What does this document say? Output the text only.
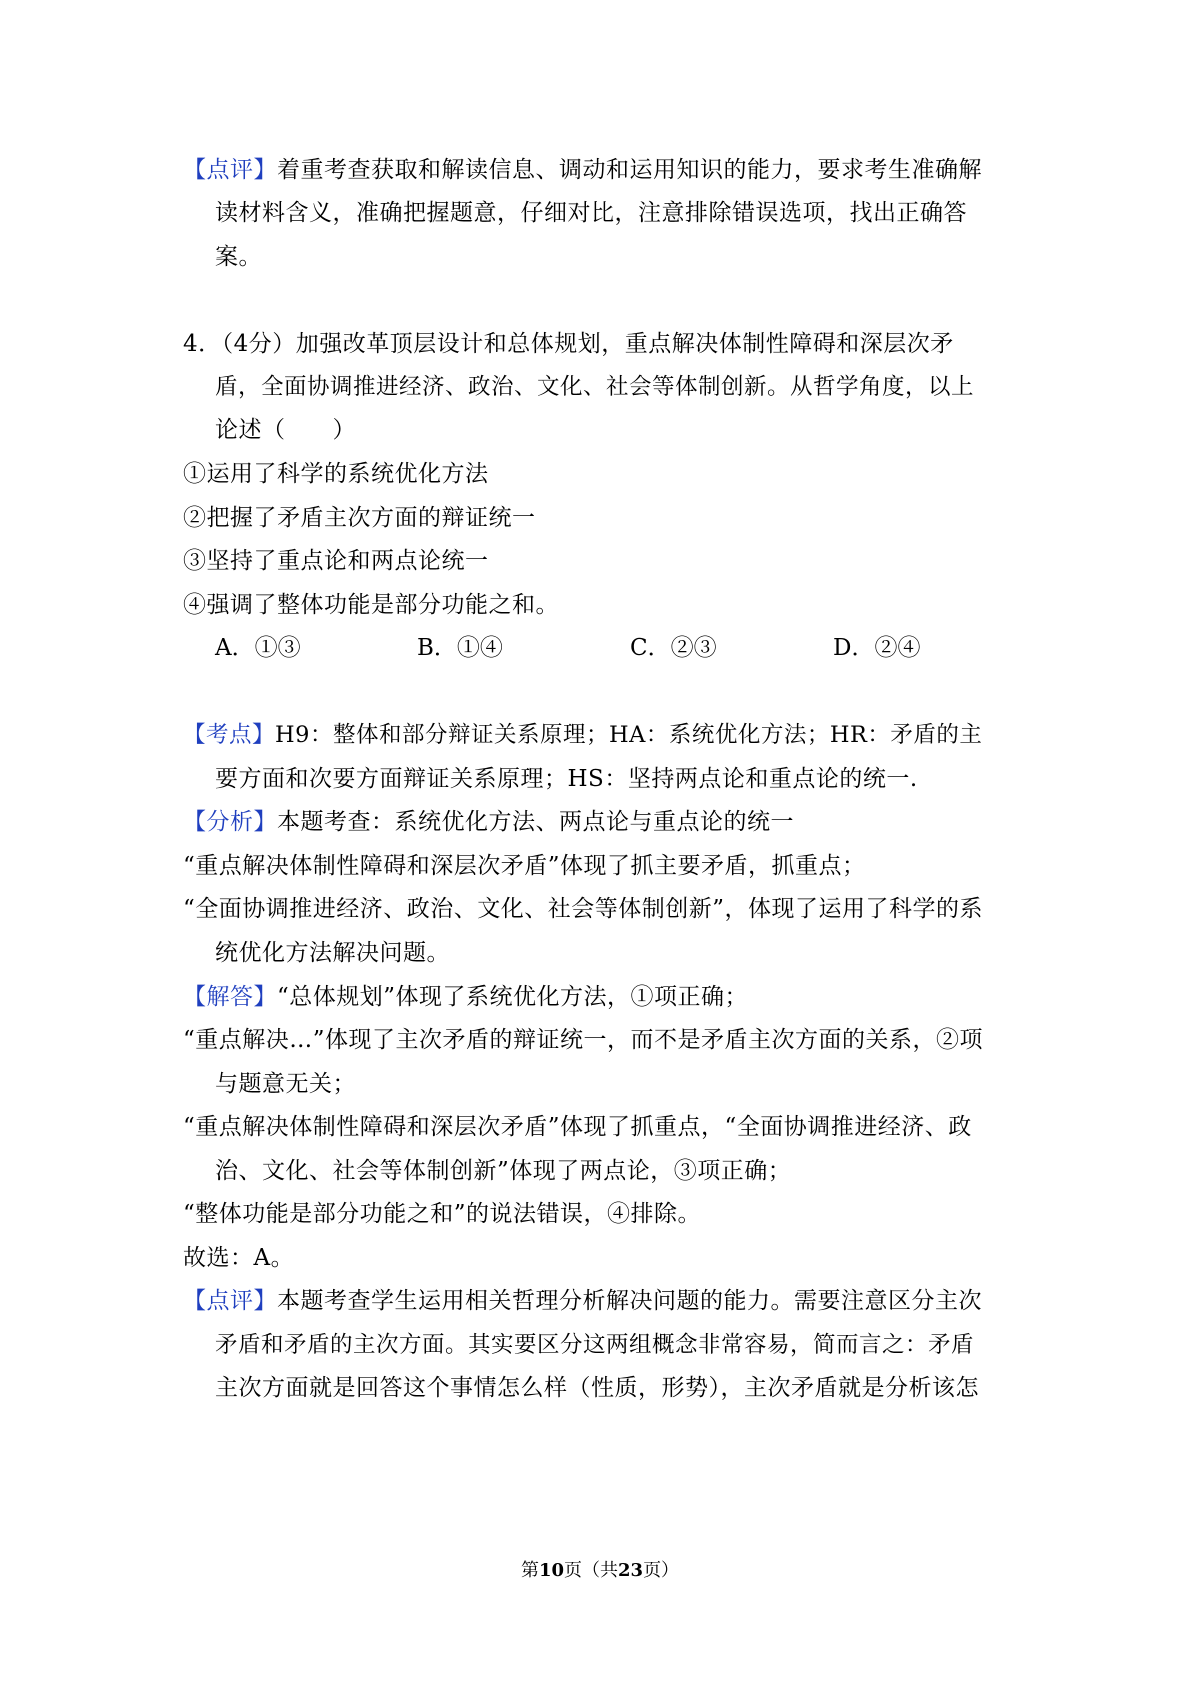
【点评】着重考查获取和解读信息、调动和运用知识的能力，要求考生准确解
读材料含义，准确把握题意，仔细对比，注意排除错误选项，找出正确答
案。
4．（4分）加强改革顶层设计和总体规划，重点解决体制性障碍和深层次矛
盾，全面协调推进经济、政治、文化、社会等体制创新。从哲学角度，以上
论述（　　）
①运用了科学的系统优化方法
②把握了矛盾主次方面的辩证统一
③坚持了重点论和两点论统一
④强调了整体功能是部分功能之和。
A．①③	B．①④	C．②③	D．②④
【考点】H9：整体和部分辩证关系原理；HA：系统优化方法；HR：矛盾的主
要方面和次要方面辩证关系原理；HS：坚持两点论和重点论的统一.
【分析】本题考查：系统优化方法、两点论与重点论的统一
“重点解决体制性障碍和深层次矛盾”体现了抓主要矛盾，抓重点；
“全面协调推进经济、政治、文化、社会等体制创新”，体现了运用了科学的系
统优化方法解决问题。
【解答】“总体规划”体现了系统优化方法，①项正确；
“重点解决…”体现了主次矛盾的辩证统一，而不是矛盾主次方面的关系，②项
与题意无关；
“重点解决体制性障碍和深层次矛盾”体现了抓重点，“全面协调推进经济、政
治、文化、社会等体制创新”体现了两点论，③项正确；
“整体功能是部分功能之和”的说法错误，④排除。
故选：A。
【点评】本题考查学生运用相关哲理分析解决问题的能力。需要注意区分主次
矛盾和矛盾的主次方面。其实要区分这两组概念非常容易，简而言之：矛盾
主次方面就是回答这个事情怎么样（性质，形势），主次矛盾就是分析该怎
第10页（共23页）
